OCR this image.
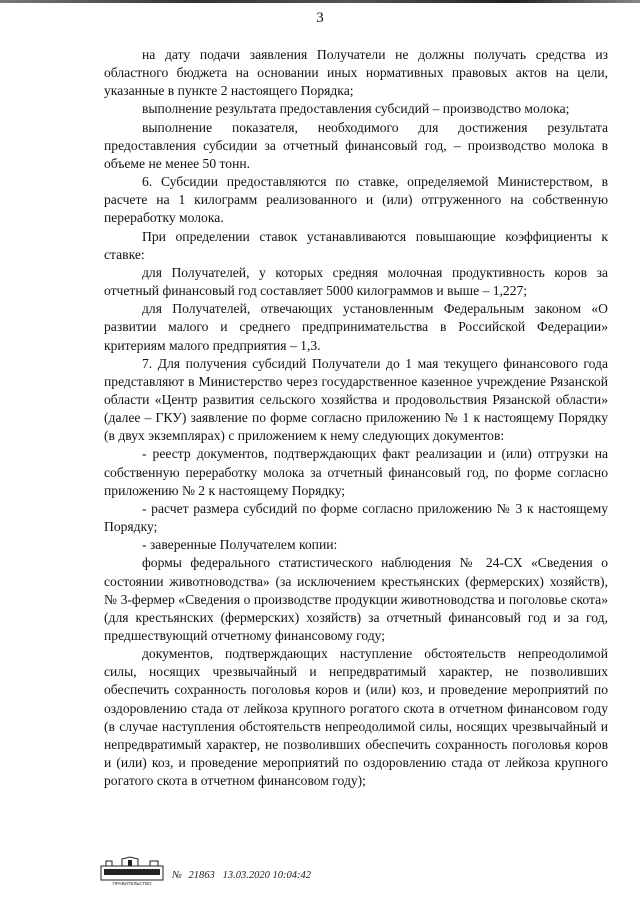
3

на дату подачи заявления Получатели не должны получать средства из областного бюджета на основании иных нормативных правовых актов на цели, указанные в пункте 2 настоящего Порядка;

выполнение результата предоставления субсидий – производство молока;

выполнение показателя, необходимого для достижения результата предоставления субсидии за отчетный финансовый год, – производство молока в объеме не менее 50 тонн.

6. Субсидии предоставляются по ставке, определяемой Министерством, в расчете на 1 килограмм реализованного и (или) отгруженного на собственную переработку молока.

При определении ставок устанавливаются повышающие коэффициенты к ставке:

для Получателей, у которых средняя молочная продуктивность коров за отчетный финансовый год составляет 5000 килограммов и выше – 1,227;

для Получателей, отвечающих установленным Федеральным законом «О развитии малого и среднего предпринимательства в Российской Федерации» критериям малого предприятия – 1,3.

7. Для получения субсидий Получатели до 1 мая текущего финансового года представляют в Министерство через государственное казенное учреждение Рязанской области «Центр развития сельского хозяйства и продовольствия Рязанской области» (далее – ГКУ) заявление по форме согласно приложению № 1 к настоящему Порядку (в двух экземплярах) с приложением к нему следующих документов:

- реестр документов, подтверждающих факт реализации и (или) отгрузки на собственную переработку молока за отчетный финансовый год, по форме согласно приложению № 2 к настоящему Порядку;

- расчет размера субсидий по форме согласно приложению № 3 к настоящему Порядку;

- заверенные Получателем копии:

формы федерального статистического наблюдения № 24-СХ «Сведения о состоянии животноводства» (за исключением крестьянских (фермерских) хозяйств), № 3-фермер «Сведения о производстве продукции животноводства и поголовье скота» (для крестьянских (фермерских) хозяйств) за отчетный финансовый год и за год, предшествующий отчетному финансовому году;

документов, подтверждающих наступление обстоятельств непреодолимой силы, носящих чрезвычайный и непредвратимый характер, не позволивших обеспечить сохранность поголовья коров и (или) коз, и проведение мероприятий по оздоровлению стада от лейкоза крупного рогатого скота в отчетном финансовом году (в случае наступления обстоятельств непреодолимой силы, носящих чрезвычайный и непредвратимый характер, не позволивших обеспечить сохранность поголовья коров и (или) коз, и проведение мероприятий по оздоровлению стада от лейкоза крупного рогатого скота в отчетном финансовом году);

ПРАВИТЕЛЬСТВО
№ 21863 13.03.2020 10:04:42
